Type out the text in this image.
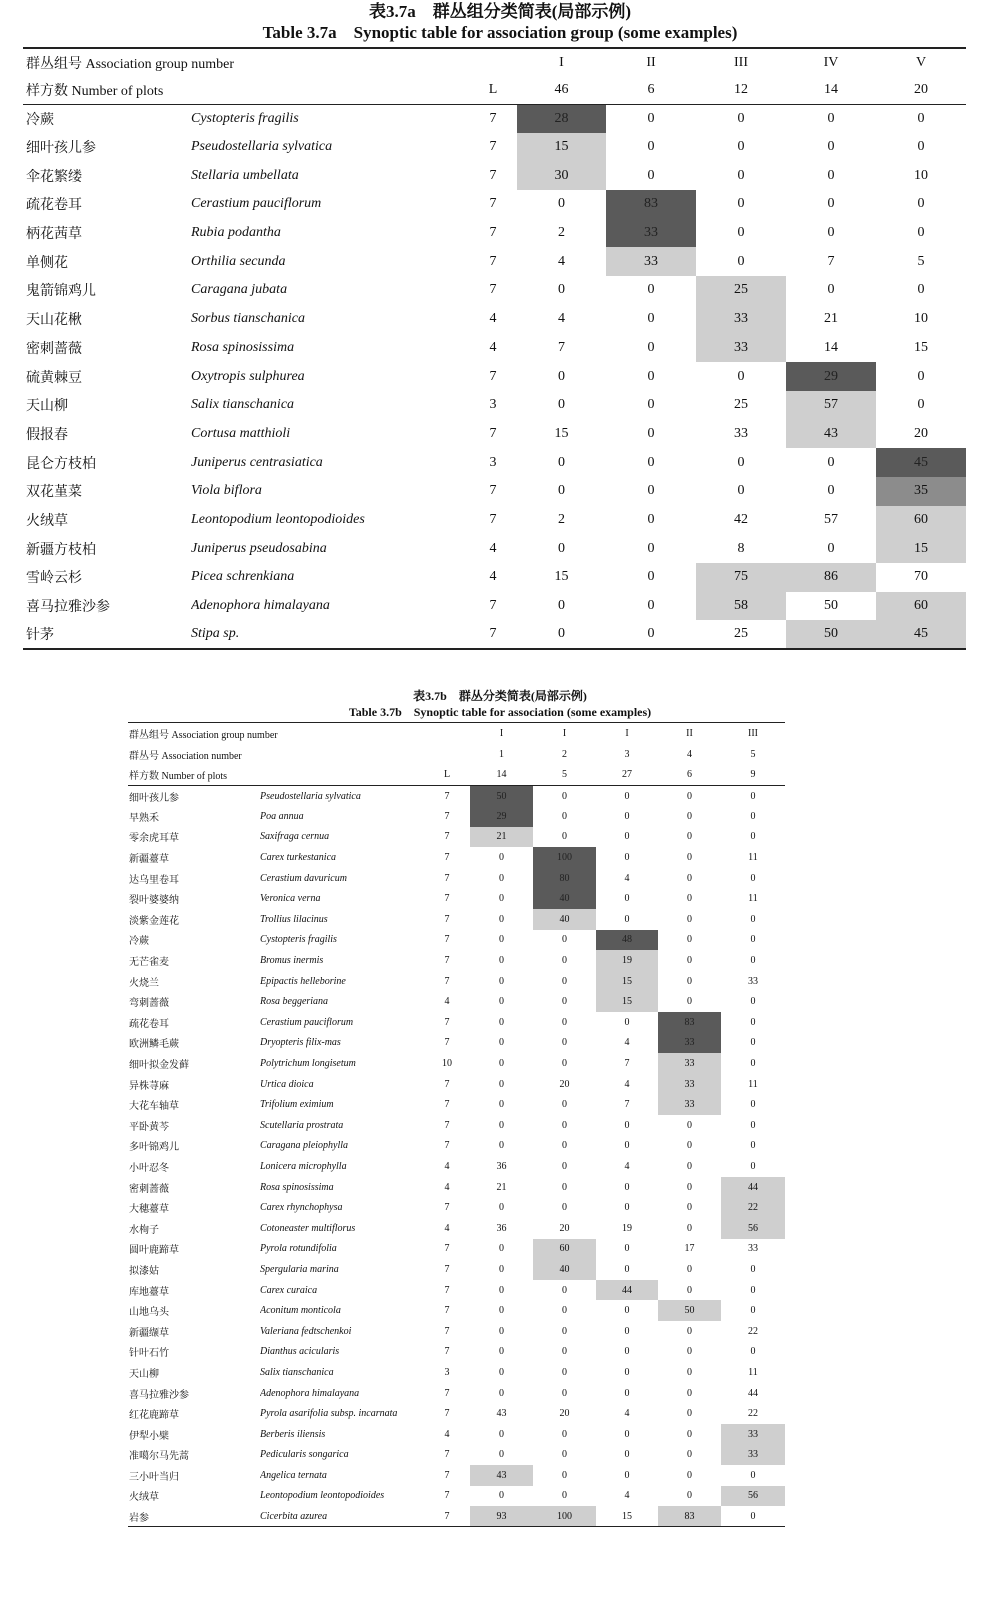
表3.7a　群丛组分类简表(局部示例)
Table 3.7a　Synoptic table for association group (some examples)
群丛组号 Association group number			I	II	III	IV	V
样方数 Number of plots		L	46	6	12	14	20
冷蕨	Cystopteris fragilis	7	28	0	0	0	0
细叶孩儿参	Pseudostellaria sylvatica	7	15	0	0	0	0
伞花繁缕	Stellaria umbellata	7	30	0	0	0	10
疏花卷耳	Cerastium pauciflorum	7	0	83	0	0	0
柄花茜草	Rubia podantha	7	2	33	0	0	0
单侧花	Orthilia secunda	7	4	33	0	7	5
鬼箭锦鸡儿	Caragana jubata	7	0	0	25	0	0
天山花楸	Sorbus tianschanica	4	4	0	33	21	10
密刺蔷薇	Rosa spinosissima	4	7	0	33	14	15
硫黄棘豆	Oxytropis sulphurea	7	0	0	0	29	0
天山柳	Salix tianschanica	3	0	0	25	57	0
假报春	Cortusa matthioli	7	15	0	33	43	20
昆仑方枝柏	Juniperus centrasiatica	3	0	0	0	0	45
双花堇菜	Viola biflora	7	0	0	0	0	35
火绒草	Leontopodium leontopodioides	7	2	0	42	57	60
新疆方枝柏	Juniperus pseudosabina	4	0	0	8	0	15
雪岭云杉	Picea schrenkiana	4	15	0	75	86	70
喜马拉雅沙参	Adenophora himalayana	7	0	0	58	50	60
针茅	Stipa sp.	7	0	0	25	50	45
表3.7b　群丛分类简表(局部示例)
Table 3.7b　Synoptic table for association (some examples)
群丛组号 Association group number			I	I	I	II	III
群丛号 Association number			1	2	3	4	5
样方数 Number of plots		L	14	5	27	6	9
细叶孩儿参	Pseudostellaria sylvatica	7	50	0	0	0	0
早熟禾	Poa annua	7	29	0	0	0	0
零余虎耳草	Saxifraga cernua	7	21	0	0	0	0
新疆薹草	Carex turkestanica	7	0	100	0	0	11
达乌里卷耳	Cerastium davuricum	7	0	80	4	0	0
裂叶婆婆纳	Veronica verna	7	0	40	0	0	11
淡紫金莲花	Trollius lilacinus	7	0	40	0	0	0
冷蕨	Cystopteris fragilis	7	0	0	48	0	0
无芒雀麦	Bromus inermis	7	0	0	19	0	0
火烧兰	Epipactis helleborine	7	0	0	15	0	33
弯刺蔷薇	Rosa beggeriana	4	0	0	15	0	0
疏花卷耳	Cerastium pauciflorum	7	0	0	0	83	0
欧洲鳞毛蕨	Dryopteris filix-mas	7	0	0	4	33	0
细叶拟金发藓	Polytrichum longisetum	10	0	0	7	33	0
异株荨麻	Urtica dioica	7	0	20	4	33	11
大花车轴草	Trifolium eximium	7	0	0	7	33	0
平卧黄芩	Scutellaria prostrata	7	0	0	0	0	0
多叶锦鸡儿	Caragana pleiophylla	7	0	0	0	0	0
小叶忍冬	Lonicera microphylla	4	36	0	4	0	0
密刺蔷薇	Rosa spinosissima	4	21	0	0	0	44
大穗薹草	Carex rhynchophysa	7	0	0	0	0	22
水栒子	Cotoneaster multiflorus	4	36	20	19	0	56
圆叶鹿蹄草	Pyrola rotundifolia	7	0	60	0	17	33
拟漆姑	Spergularia marina	7	0	40	0	0	0
库地薹草	Carex curaica	7	0	0	44	0	0
山地乌头	Aconitum monticola	7	0	0	0	50	0
新疆缬草	Valeriana fedtschenkoi	7	0	0	0	0	22
针叶石竹	Dianthus acicularis	7	0	0	0	0	0
天山柳	Salix tianschanica	3	0	0	0	0	11
喜马拉雅沙参	Adenophora himalayana	7	0	0	0	0	44
红花鹿蹄草	Pyrola asarifolia subsp. incarnata	7	43	20	4	0	22
伊犁小檗	Berberis iliensis	4	0	0	0	0	33
准噶尔马先蒿	Pedicularis songarica	7	0	0	0	0	33
三小叶当归	Angelica ternata	7	43	0	0	0	0
火绒草	Leontopodium leontopodioides	7	0	0	4	0	56
岩参	Cicerbita azurea	7	93	100	15	83	0
